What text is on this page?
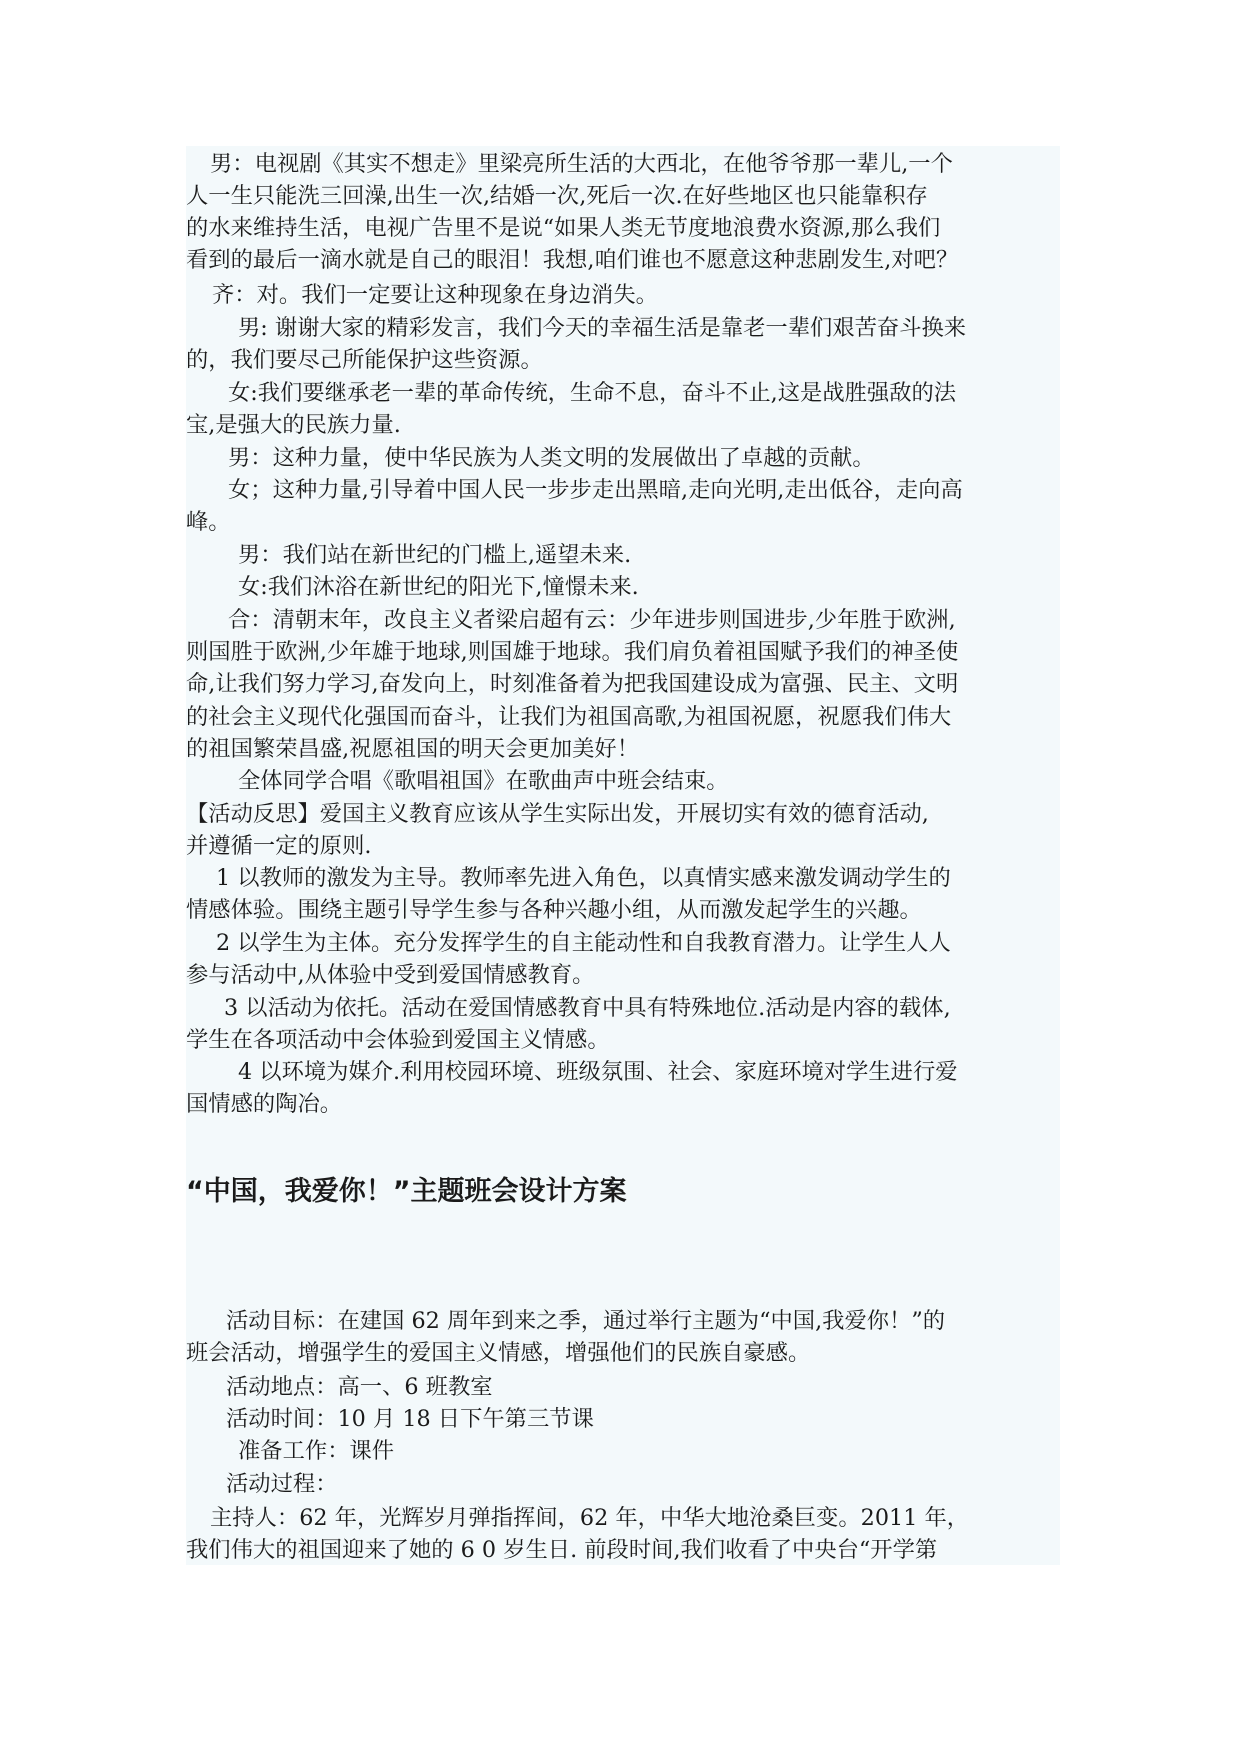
男：电视剧《其实不想走》里梁亮所生活的大西北，在他爷爷那一辈儿,一个
人一生只能洗三回澡,出生一次,结婚一次,死后一次.在好些地区也只能靠积存
的水来维持生活，电视广告里不是说“如果人类无节度地浪费水资源,那么我们
看到的最后一滴水就是自己的眼泪！我想,咱们谁也不愿意这种悲剧发生,对吧？
齐：对。我们一定要让这种现象在身边消失。
男: 谢谢大家的精彩发言，我们今天的幸福生活是靠老一辈们艰苦奋斗换来
的，我们要尽己所能保护这些资源。
女:我们要继承老一辈的革命传统，生命不息，奋斗不止,这是战胜强敌的法
宝,是强大的民族力量.
男：这种力量，使中华民族为人类文明的发展做出了卓越的贡献。
女；这种力量,引导着中国人民一步步走出黑暗,走向光明,走出低谷，走向高
峰。
男：我们站在新世纪的门槛上,遥望未来.
女:我们沐浴在新世纪的阳光下,憧憬未来.
合：清朝末年，改良主义者梁启超有云：少年进步则国进步,少年胜于欧洲,
则国胜于欧洲,少年雄于地球,则国雄于地球。我们肩负着祖国赋予我们的神圣使
命,让我们努力学习,奋发向上，时刻准备着为把我国建设成为富强、民主、文明
的社会主义现代化强国而奋斗，让我们为祖国高歌,为祖国祝愿，祝愿我们伟大
的祖国繁荣昌盛,祝愿祖国的明天会更加美好！
全体同学合唱《歌唱祖国》在歌曲声中班会结束。
【活动反思】爱国主义教育应该从学生实际出发，开展切实有效的德育活动,
并遵循一定的原则.
1 以教师的激发为主导。教师率先进入角色，以真情实感来激发调动学生的
情感体验。围绕主题引导学生参与各种兴趣小组，从而激发起学生的兴趣。
2 以学生为主体。充分发挥学生的自主能动性和自我教育潜力。让学生人人
参与活动中,从体验中受到爱国情感教育。
3 以活动为依托。活动在爱国情感教育中具有特殊地位.活动是内容的载体,
学生在各项活动中会体验到爱国主义情感。
4 以环境为媒介.利用校园环境、班级氛围、社会、家庭环境对学生进行爱
国情感的陶冶。
“中国，我爱你！”主题班会设计方案
活动目标：在建国 62 周年到来之季，通过举行主题为“中国,我爱你！”的
班会活动，增强学生的爱国主义情感，增强他们的民族自豪感。
活动地点：高一、6 班教室
活动时间：10 月 18 日下午第三节课
准备工作：课件
活动过程：
主持人：62 年，光辉岁月弹指挥间，62 年，中华大地沧桑巨变。2011 年，
我们伟大的祖国迎来了她的 6 0 岁生日. 前段时间,我们收看了中央台“开学第
